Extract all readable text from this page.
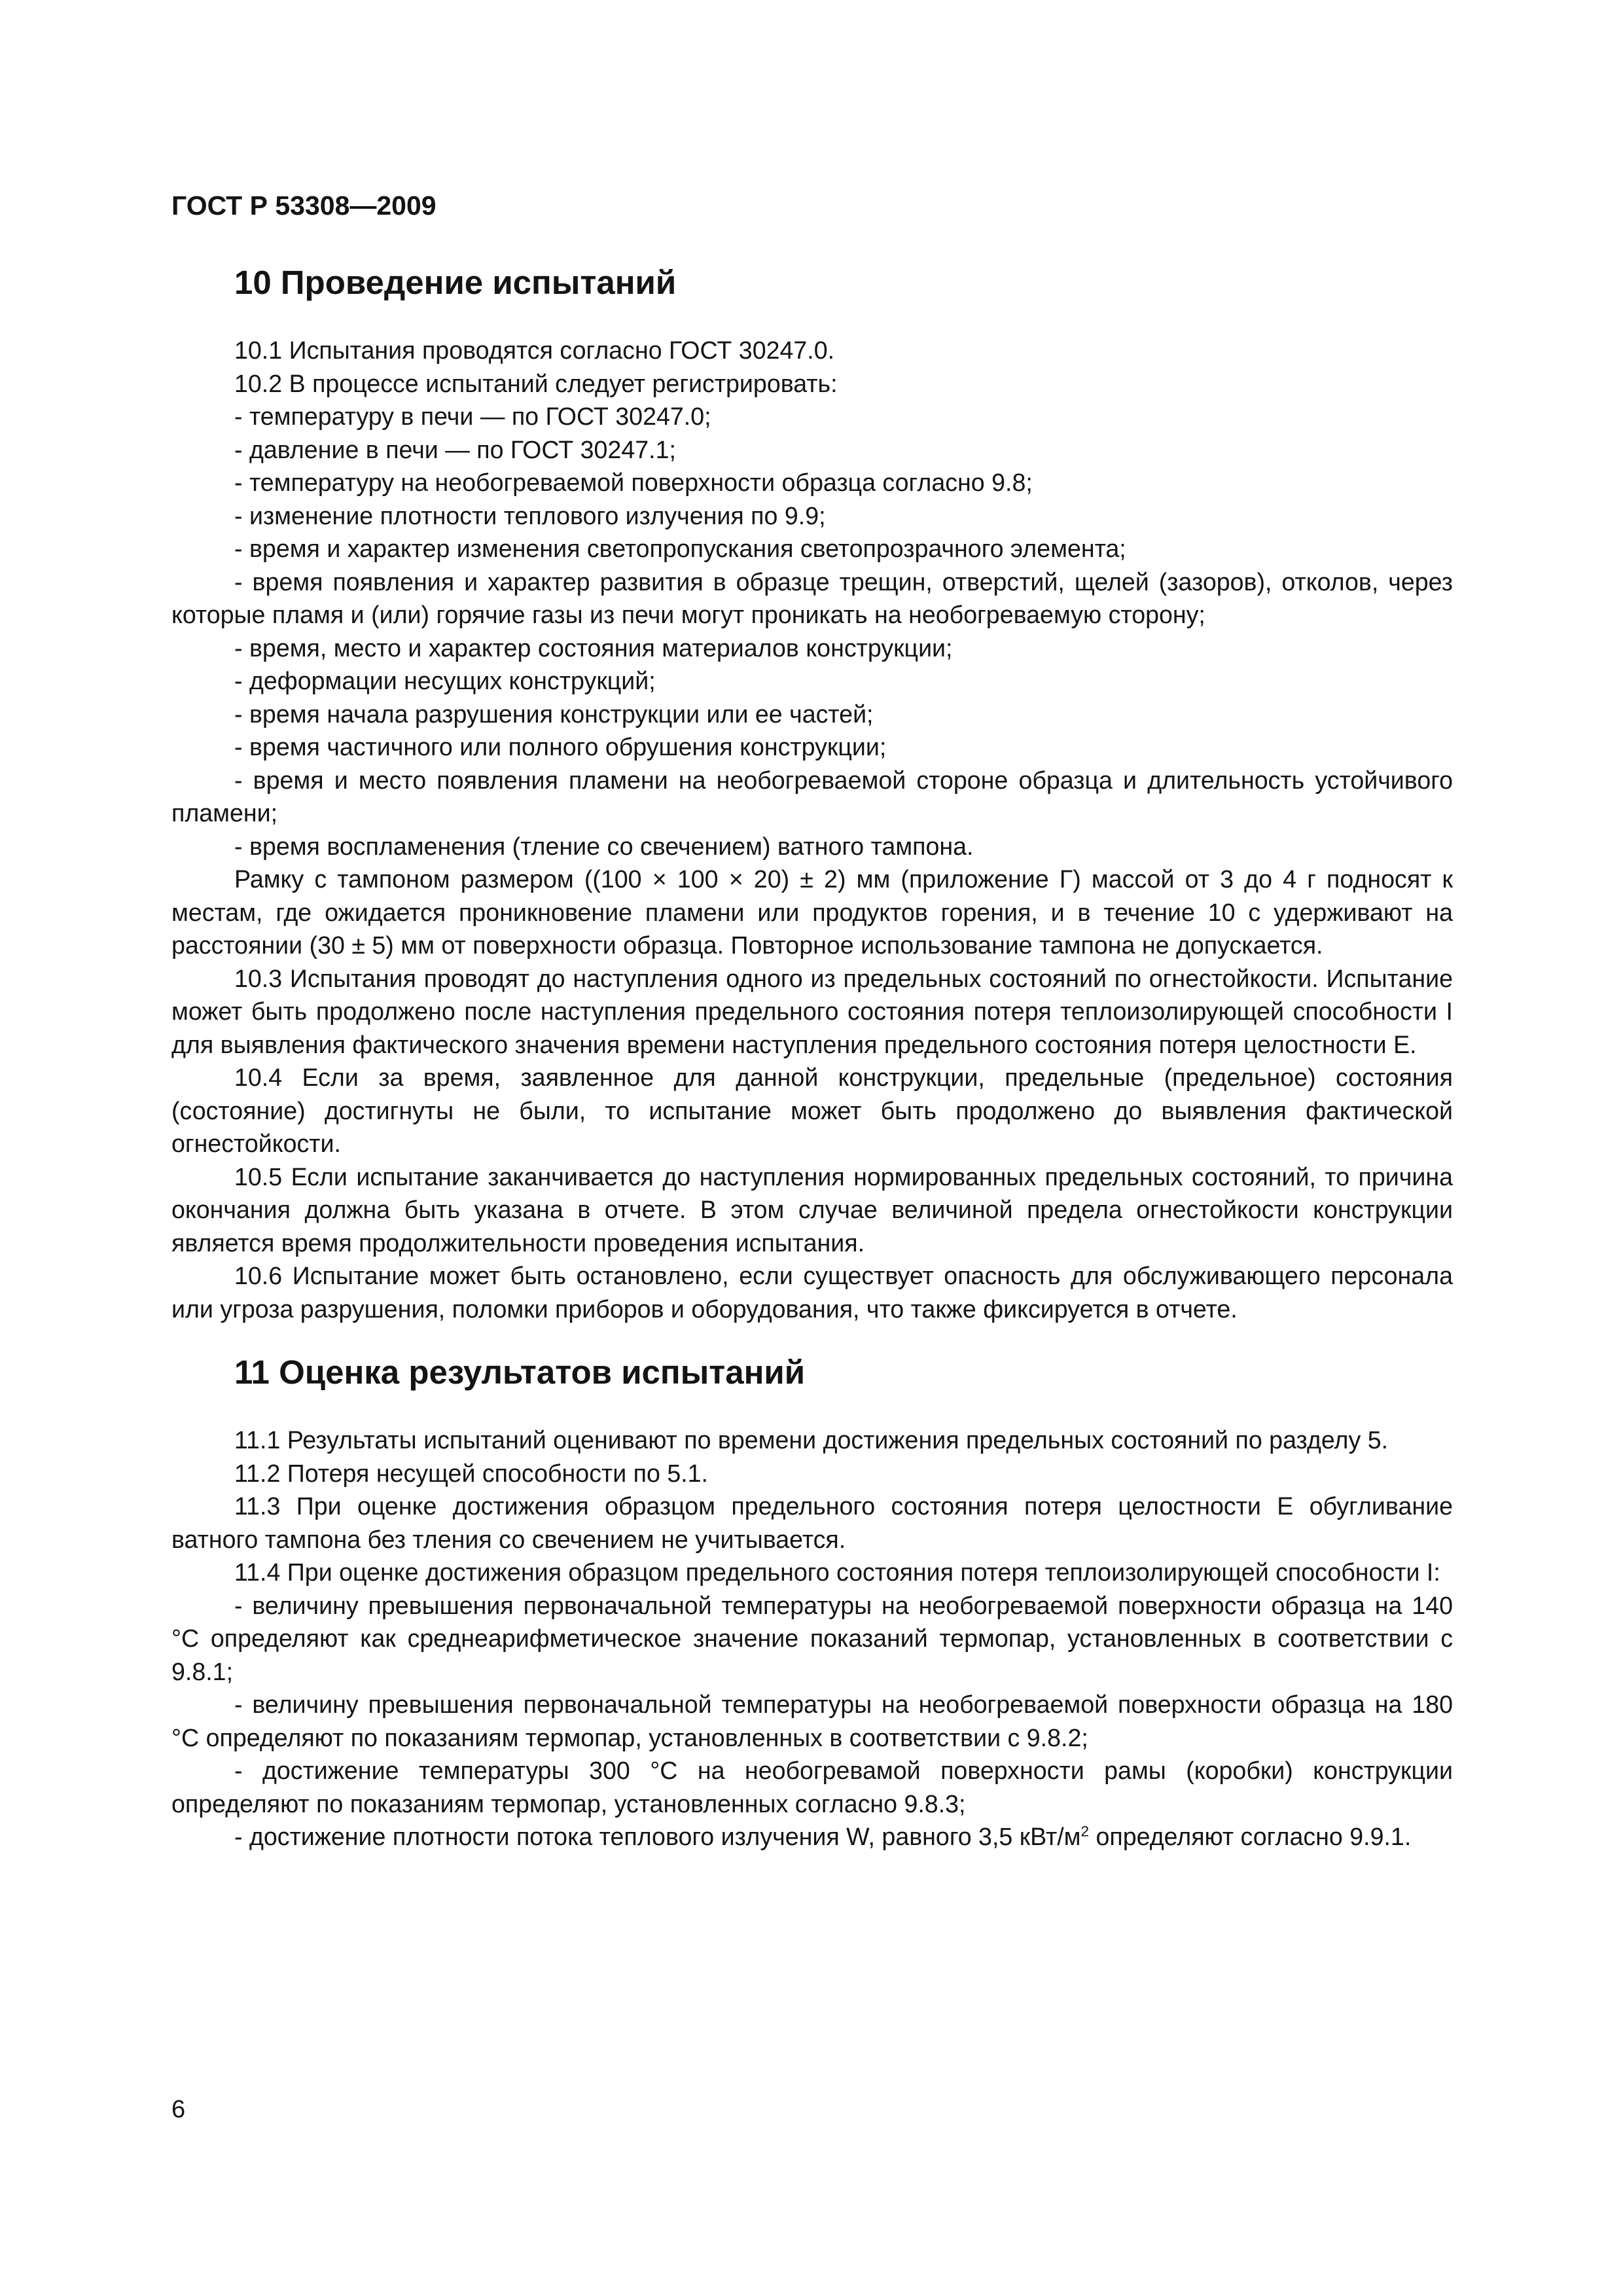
ГОСТ Р 53308—2009
10 Проведение испытаний

10.1 Испытания проводятся согласно ГОСТ 30247.0.

10.2 В процессе испытаний следует регистрировать:

- температуру в печи — по ГОСТ 30247.0;

- давление в печи — по ГОСТ 30247.1;

- температуру на необогреваемой поверхности образца согласно 9.8;

- изменение плотности теплового излучения по 9.9;

- время и характер изменения светопропускания светопрозрачного элемента;

- время появления и характер развития в образце трещин, отверстий, щелей (зазоров), отколов, через которые пламя и (или) горячие газы из печи могут проникать на необогреваемую сторону;

- время, место и характер состояния материалов конструкции;

- деформации несущих конструкций;

- время начала разрушения конструкции или ее частей;

- время частичного или полного обрушения конструкции;

- время и место появления пламени на необогреваемой стороне образца и длительность устойчивого пламени;

- время воспламенения (тление со свечением) ватного тампона.

Рамку с тампоном размером ((100 × 100 × 20) ± 2) мм (приложение Г) массой от 3 до 4 г подносят к местам, где ожидается проникновение пламени или продуктов горения, и в течение 10 с удерживают на расстоянии (30 ± 5) мм от поверхности образца. Повторное использование тампона не допускается.

10.3 Испытания проводят до наступления одного из предельных состояний по огнестойкости. Испытание может быть продолжено после наступления предельного состояния потеря теплоизолирующей способности I для выявления фактического значения времени наступления предельного состояния потеря целостности E.

10.4 Если за время, заявленное для данной конструкции, предельные (предельное) состояния (состояние) достигнуты не были, то испытание может быть продолжено до выявления фактической огнестойкости.

10.5 Если испытание заканчивается до наступления нормированных предельных состояний, то причина окончания должна быть указана в отчете. В этом случае величиной предела огнестойкости конструкции является время продолжительности проведения испытания.

10.6 Испытание может быть остановлено, если существует опасность для обслуживающего персонала или угроза разрушения, поломки приборов и оборудования, что также фиксируется в отчете.

11 Оценка результатов испытаний

11.1 Результаты испытаний оценивают по времени достижения предельных состояний по разделу 5.

11.2 Потеря несущей способности по 5.1.

11.3 При оценке достижения образцом предельного состояния потеря целостности E обугливание ватного тампона без тления со свечением не учитывается.

11.4 При оценке достижения образцом предельного состояния потеря теплоизолирующей способности I:

- величину превышения первоначальной температуры на необогреваемой поверхности образца на 140 °С определяют как среднеарифметическое значение показаний термопар, установленных в соответствии с 9.8.1;

- величину превышения первоначальной температуры на необогреваемой поверхности образца на 180 °С определяют по показаниям термопар, установленных в соответствии с 9.8.2;

- достижение температуры 300 °С на необогревамой поверхности рамы (коробки) конструкции определяют по показаниям термопар, установленных согласно 9.8.3;

- достижение плотности потока теплового излучения W, равного 3,5 кВт/$м^2$ определяют согласно 9.9.1.

6
